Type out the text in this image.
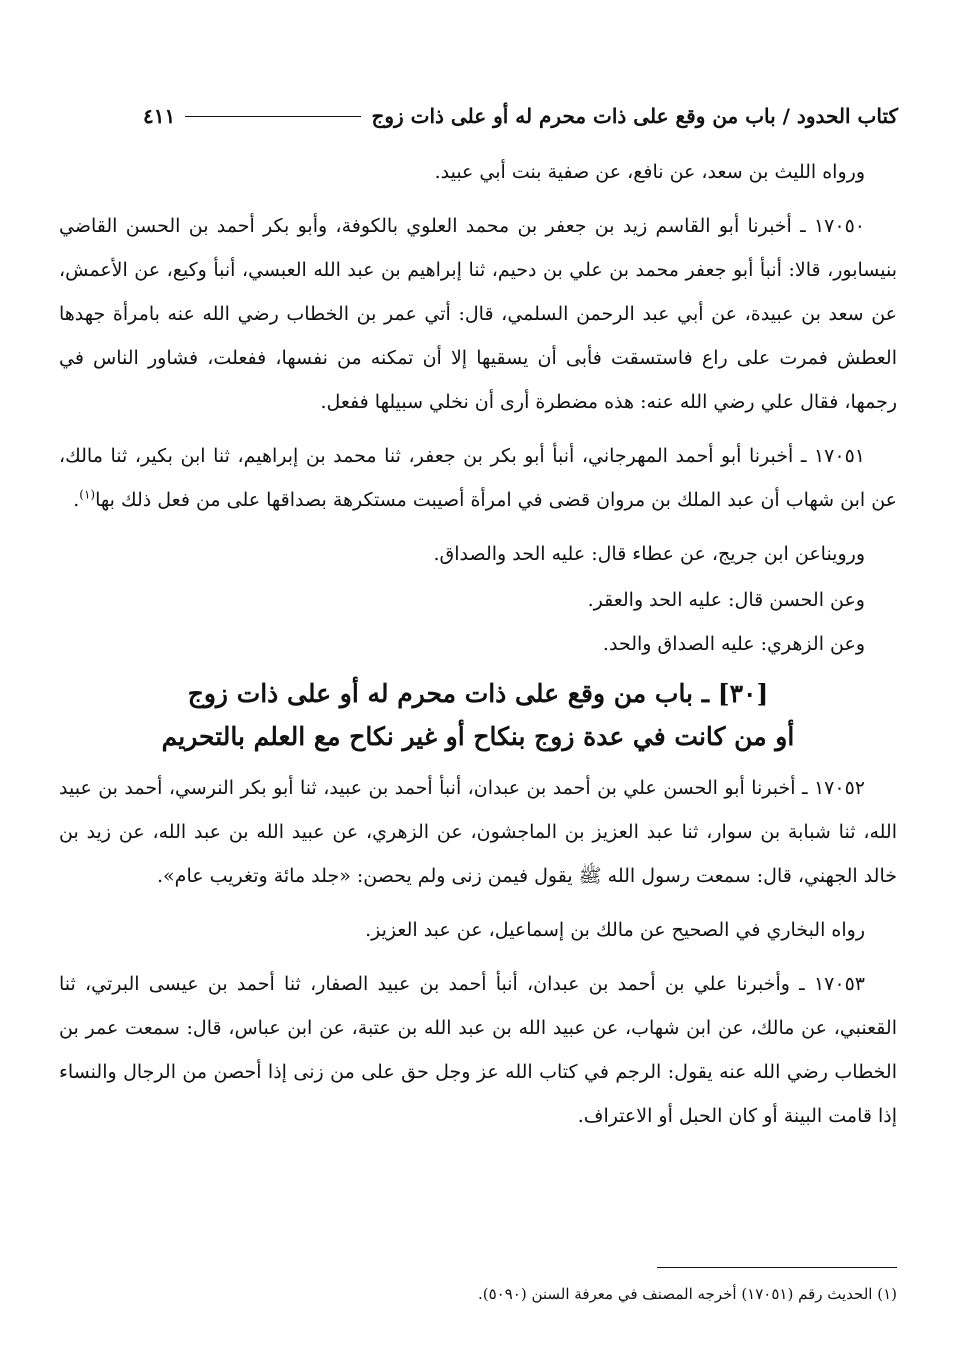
كتاب الحدود / باب من وقع على ذات محرم له أو على ذات زوج
٤١١

ورواه الليث بن سعد، عن نافع، عن صفية بنت أبي عبيد.

١٧٠٥٠ ـ أخبرنا أبو القاسم زيد بن جعفر بن محمد العلوي بالكوفة، وأبو بكر أحمد بن الحسن القاضي بنيسابور، قالا: أنبأ أبو جعفر محمد بن علي بن دحيم، ثنا إبراهيم بن عبد الله العبسي، أنبأ وكيع، عن الأعمش، عن سعد بن عبيدة، عن أبي عبد الرحمن السلمي، قال: أتي عمر بن الخطاب رضي الله عنه بامرأة جهدها العطش فمرت على راع فاستسقت فأبى أن يسقيها إلا أن تمكنه من نفسها، ففعلت، فشاور الناس في رجمها، فقال علي رضي الله عنه: هذه مضطرة أرى أن نخلي سبيلها ففعل.

١٧٠٥١ ـ أخبرنا أبو أحمد المهرجاني، أنبأ أبو بكر بن جعفر، ثنا محمد بن إبراهيم، ثنا ابن بكير، ثنا مالك، عن ابن شهاب أن عبد الملك بن مروان قضى في امرأة أصيبت مستكرهة بصداقها على من فعل ذلك بها$^{(١)}$.

ورويناعن ابن جريج، عن عطاء قال: عليه الحد والصداق.

وعن الحسن قال: عليه الحد والعقر.

وعن الزهري: عليه الصداق والحد.

[٣٠] ـ باب من وقع على ذات محرم له أو على ذات زوج
أو من كانت في عدة زوج بنكاح أو غير نكاح مع العلم بالتحريم

١٧٠٥٢ ـ أخبرنا أبو الحسن علي بن أحمد بن عبدان، أنبأ أحمد بن عبيد، ثنا أبو بكر النرسي، أحمد بن عبيد الله، ثنا شبابة بن سوار، ثنا عبد العزيز بن الماجشون، عن الزهري، عن عبيد الله بن عبد الله، عن زيد بن خالد الجهني، قال: سمعت رسول الله ﷺ يقول فيمن زنى ولم يحصن: «جلد مائة وتغريب عام».

رواه البخاري في الصحيح عن مالك بن إسماعيل، عن عبد العزيز.

١٧٠٥٣ ـ وأخبرنا علي بن أحمد بن عبدان، أنبأ أحمد بن عبيد الصفار، ثنا أحمد بن عيسى البرتي، ثنا القعنبي، عن مالك، عن ابن شهاب، عن عبيد الله بن عبد الله بن عتبة، عن ابن عباس، قال: سمعت عمر بن الخطاب رضي الله عنه يقول: الرجم في كتاب الله عز وجل حق على من زنى إذا أحصن من الرجال والنساء إذا قامت البينة أو كان الحبل أو الاعتراف.

(١) الحديث رقم (١٧٠٥١) أخرجه المصنف في معرفة السنن (٥٠٩٠).
